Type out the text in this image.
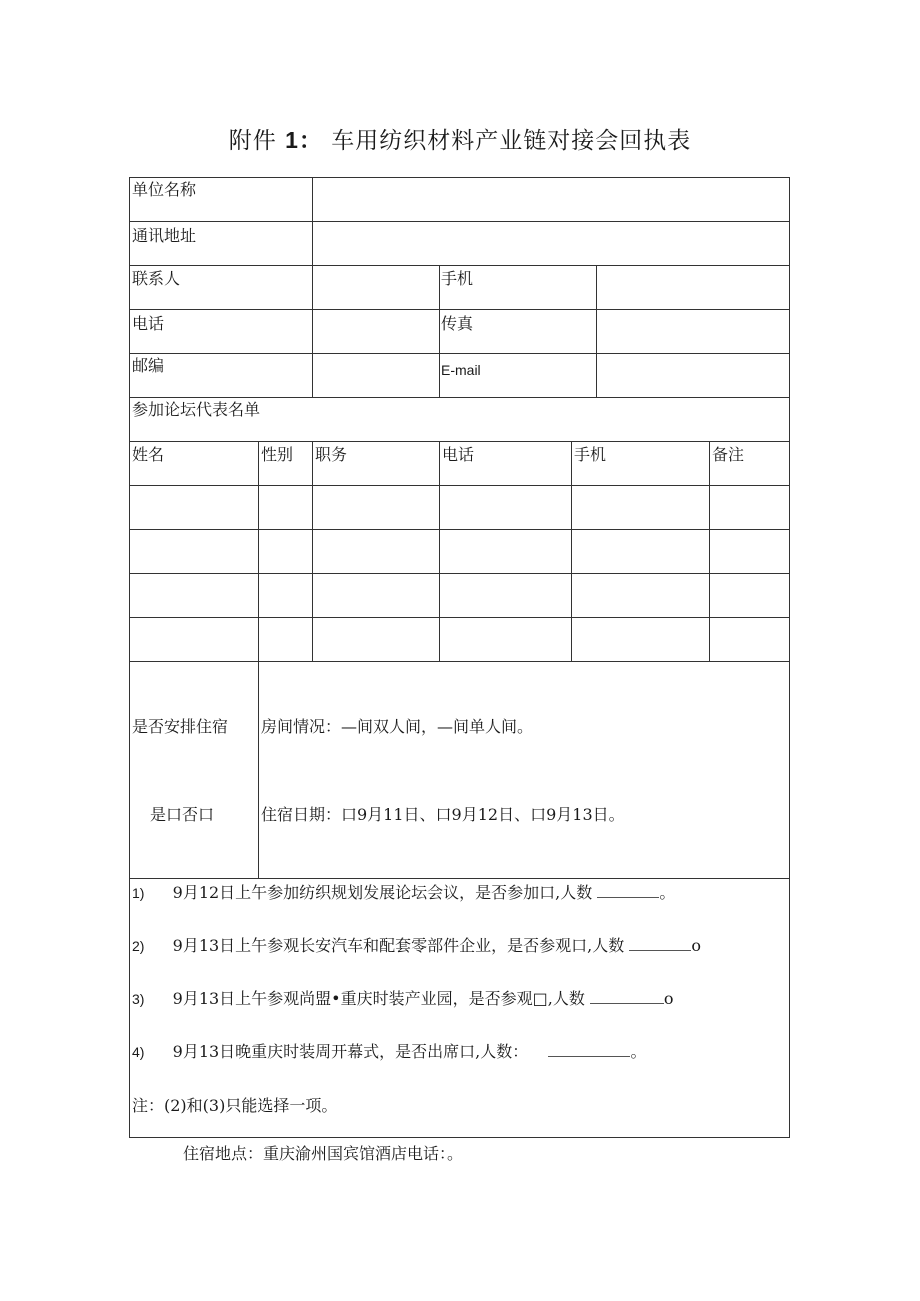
附件 1： 车用纺织材料产业链对接会回执表
单位名称
通讯地址
联系人	手机
电话	传真
邮编	E-mail
参加论坛代表名单
姓名	性别 职务	电话	手机	备注
是否安排住宿
是口否口
房间情况：—间双人间，—间单人间。
住宿日期：口9月11日、口9月12日、口9月13日。
1) 9月12日上午参加纺织规划发展论坛会议，是否参加口,人数	。
2) 9月13日上午参观长安汽车和配套零部件企业，是否参观口,人数	o
3) 9月13日上午参观尚盟•重庆时装产业园，是否参观□,人数	o
4) 9月13日晚重庆时装周开幕式，是否出席口,人数：	。
注：(2)和(3)只能选择一项。
住宿地点：重庆渝州国宾馆酒店电话：。
